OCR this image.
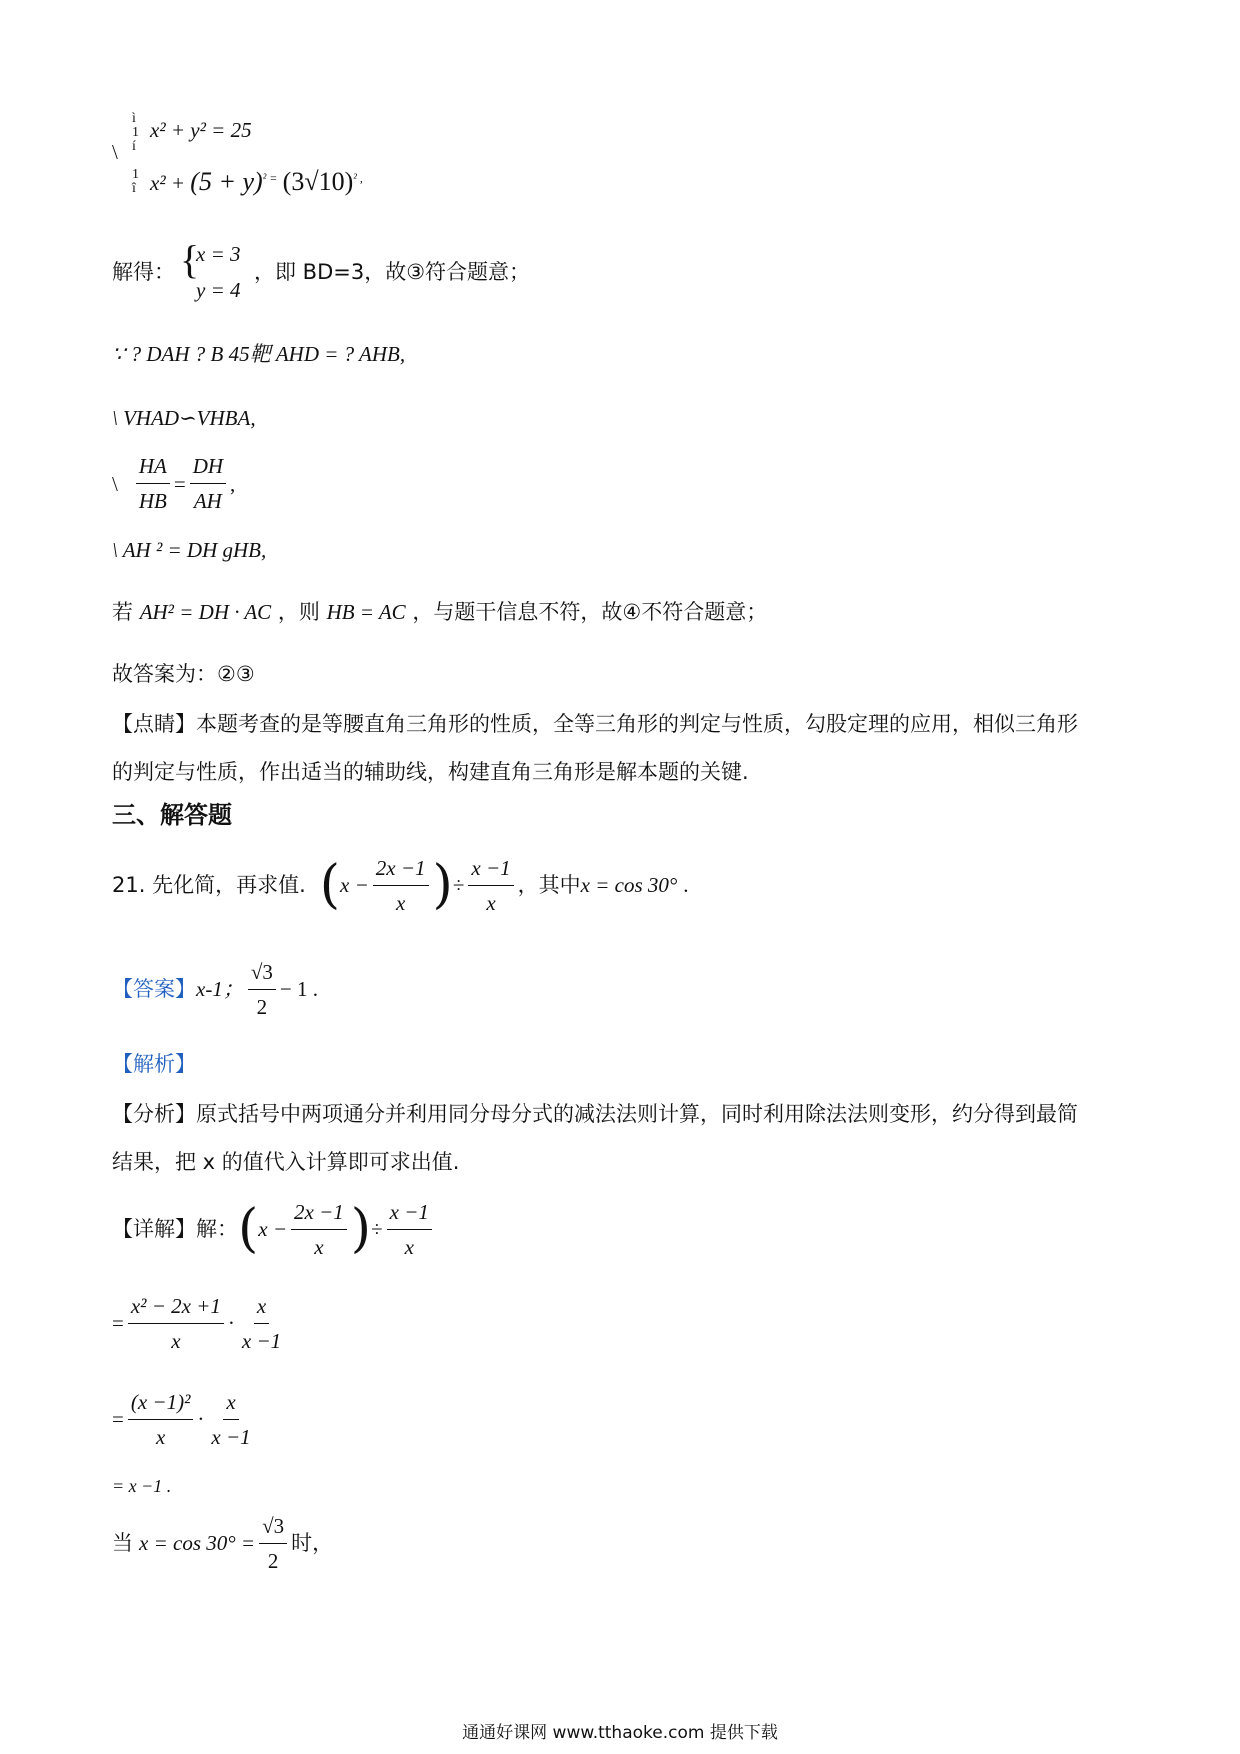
\
ì
1
í
1
î
x² + y² = 25
$x^2 + (5 + y)^{^2 =}$ $(3√10)^{^2 ,}$
解得： {
x = 3
y = 4
，即 BD=3，故③符合题意；
∵ ? DAH ? B 45靶 AHD = ? AHB,
\ VHAD∽VHBA,
\ $\frac{HA}{HB} = \frac{DH}{AH}$ ,
\ AH ² = DH gHB,
若 AH² = DH · AC ，则 HB = AC ，与题干信息不符，故④不符合题意；
故答案为：②③
【点睛】本题考查的是等腰直角三角形的性质，全等三角形的判定与性质，勾股定理的应用，相似三角形
的判定与性质，作出适当的辅助线，构建直角三角形是解本题的关键.
三、解答题
21. 先化简，再求值. ( $x - \frac{2x -1}{x}$ ) ÷ $\frac{x -1}{x}$ ，其中 x = cos 30° .
【答案】 x-1； $\frac{√3}{2} - 1$ .
【解析】
【分析】原式括号中两项通分并利用同分母分式的减法法则计算，同时利用除法法则变形，约分得到最简
结果，把 x 的值代入计算即可求出值.
【详解】解： ( $x - \frac{2x -1}{x}$ ) ÷ $\frac{x -1}{x}$
= $\frac{\text{x² − 2x +1}}{x} \cdot \frac{x}{x -1}$
= $\frac{\text{(x −1)²}}{x} \cdot \frac{x}{x -1}$
= x −1 .
当 $x = \cos 30^\circ = \frac{√3}{2}$ 时，
通通好课网 www.tthaoke.com 提供下载
